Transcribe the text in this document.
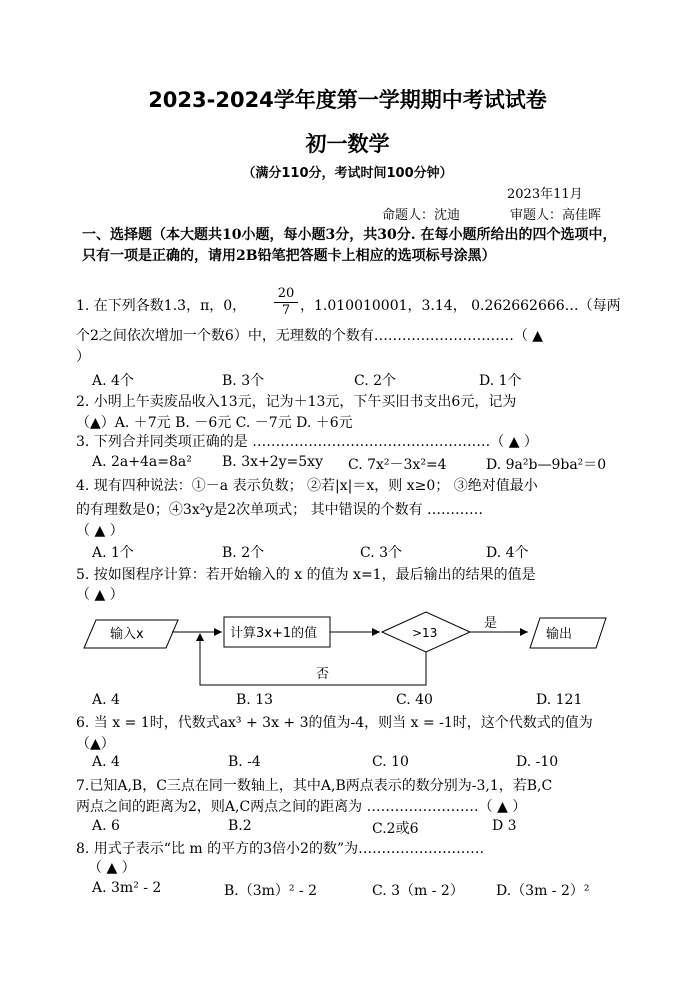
2023-2024学年度第一学期期中考试试卷
初一数学
（满分110分，考试时间100分钟）
2023年11月
命题人：沈迪	审题人：高佳晖
一、选择题（本大题共10小题，每小题3分，共30分. 在每小题所给出的四个选项中，只有一项是正确的，请用2B铅笔把答题卡上相应的选项标号涂黑）
1. 在下列各数1.3̇，π，0， $\frac{20}{7}$ ，1.010010001，3.14， 0.262662666…（每两
个2之间依次增加一个数6）中，无理数的个数有…………………………（ ▲
）
A. 4个	B. 3个	C. 2个	D. 1个
2. 小明上午卖废品收入13元，记为＋13元，下午买旧书支出6元，记为
（▲）A. ＋7元 B. －6元 C. －7元 D. ＋6元
3. 下列合并同类项正确的是 ……………………………………………（ ▲ ）
A. 2a+4a=8a² B. 3x+2y=5xy C. 7x²－3x²=4	D. 9a²b—9ba²＝0
4. 现有四种说法：①－a 表示负数； ②若|x|＝x，则 x≥0； ③绝对值最小
的有理数是0；④3x²y是2次单项式； 其中错误的个数有 …………
（ ▲ ）
A. 1个	B. 2个	C. 3个	D. 4个
5. 按如图程序计算：若开始输入的 x 的值为 x=1，最后输出的结果的值是
（ ▲ ）
输入x	计算3x+1的值	>13
是
否
输出
A. 4	B. 13	C. 40	D. 121
6. 当 x = 1时，代数式ax³ + 3x + 3的值为-4，则当 x = -1时，这个代数式的值为
（▲）
A. 4	B. -4	C. 10	D. -10
7.已知A,B，C三点在同一数轴上，其中A,B两点表示的数分别为-3,1，若B,C
两点之间的距离为2，则A,C两点之间的距离为 ……………………（ ▲ ）
A. 6	B.2	C.2或6	D 3
8. 用式子表示“比 m 的平方的3倍小2的数”为………………………
（ ▲ ）
A. 3m² - 2	B.（3m）² - 2	C. 3（m - 2） D.（3m - 2）²
